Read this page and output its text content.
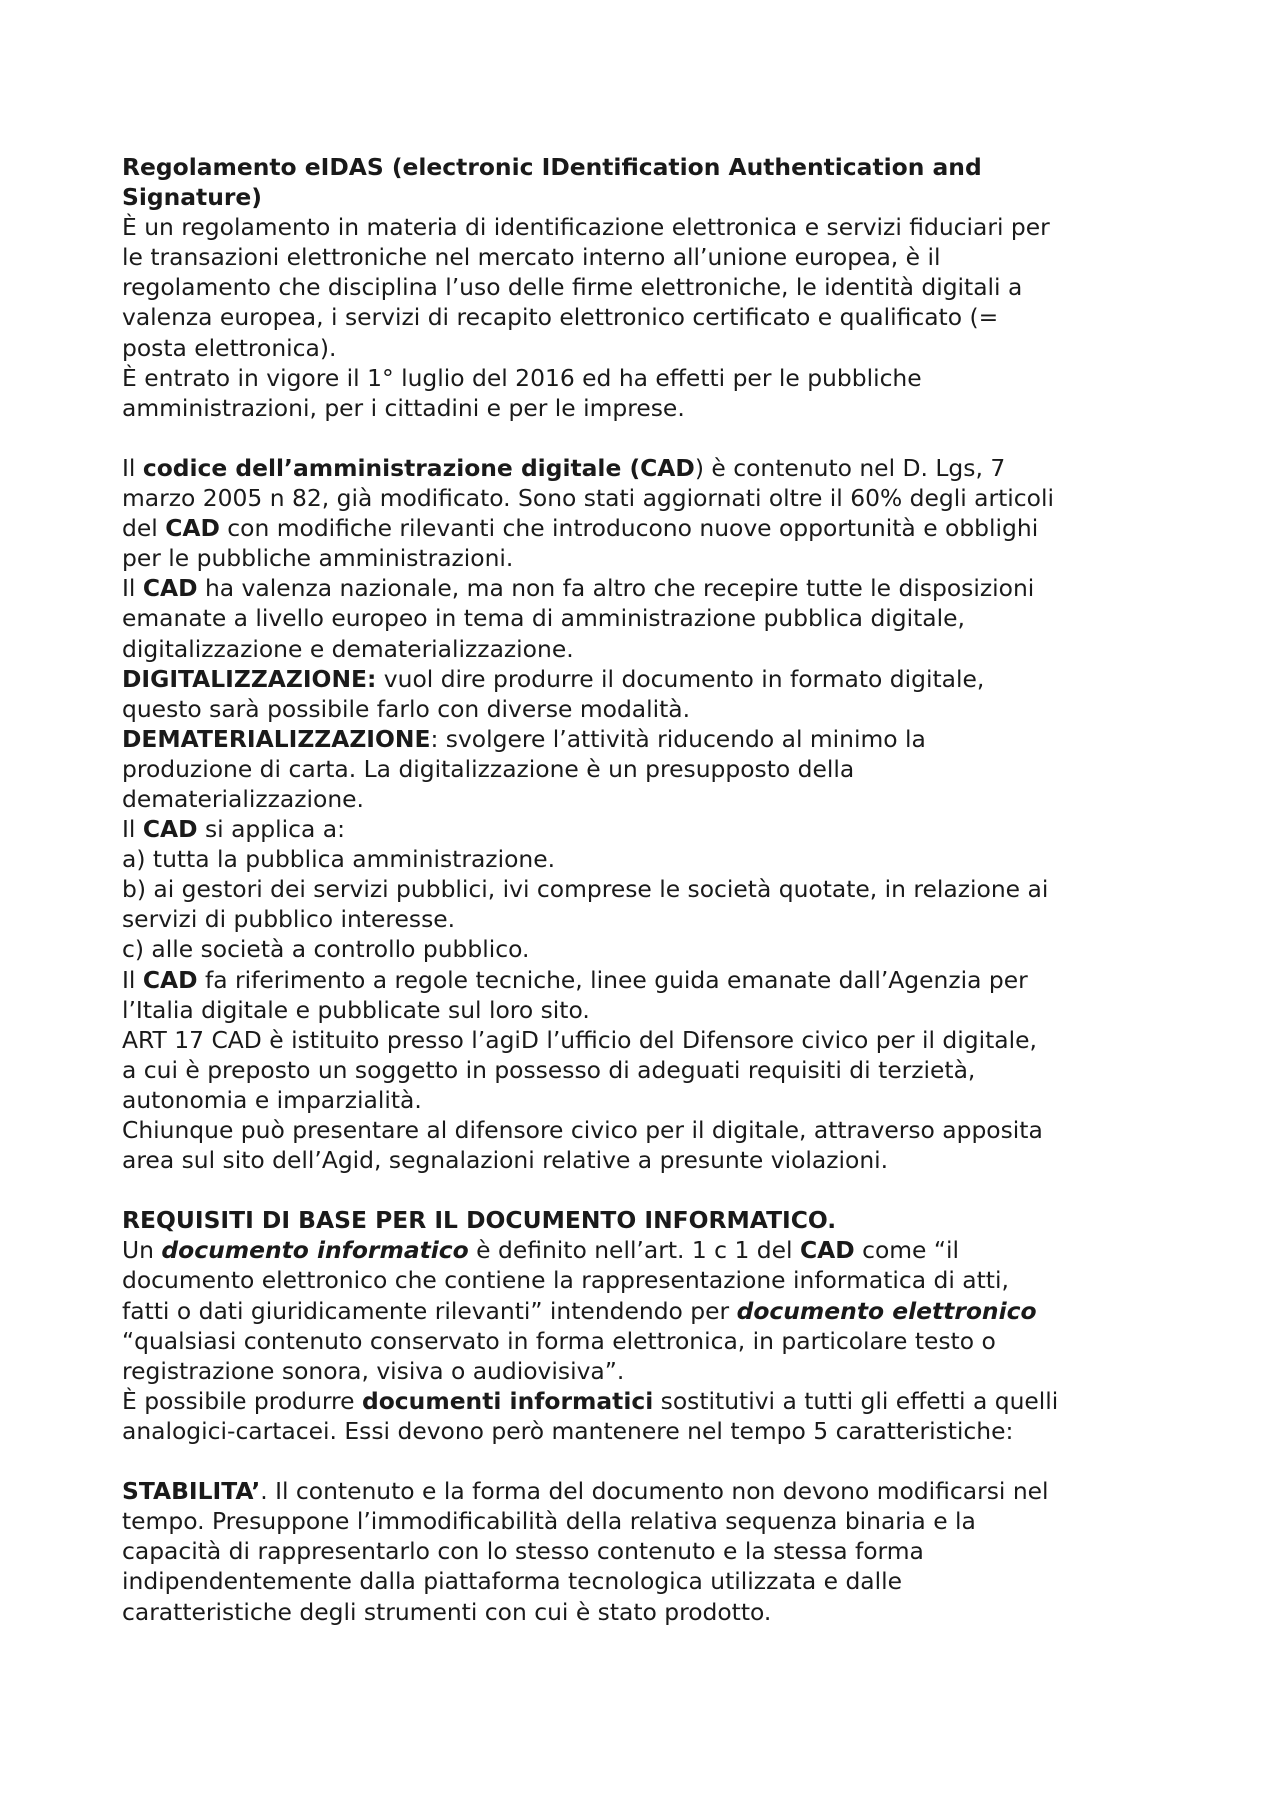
Regolamento eIDAS (electronic IDentification Authentication and
Signature)
È un regolamento in materia di identificazione elettronica e servizi fiduciari per
le transazioni elettroniche nel mercato interno all’unione europea, è il
regolamento che disciplina l’uso delle firme elettroniche, le identità digitali a
valenza europea, i servizi di recapito elettronico certificato e qualificato (=
posta elettronica).
È entrato in vigore il 1° luglio del 2016 ed ha effetti per le pubbliche
amministrazioni, per i cittadini e per le imprese.
Il codice dell’amministrazione digitale (CAD) è contenuto nel D. Lgs, 7
marzo 2005 n 82, già modificato. Sono stati aggiornati oltre il 60% degli articoli
del CAD con modifiche rilevanti che introducono nuove opportunità e obblighi
per le pubbliche amministrazioni.
Il CAD ha valenza nazionale, ma non fa altro che recepire tutte le disposizioni
emanate a livello europeo in tema di amministrazione pubblica digitale,
digitalizzazione e dematerializzazione.
DIGITALIZZAZIONE: vuol dire produrre il documento in formato digitale,
questo sarà possibile farlo con diverse modalità.
DEMATERIALIZZAZIONE: svolgere l’attività riducendo al minimo la
produzione di carta. La digitalizzazione è un presupposto della
dematerializzazione.
Il CAD si applica a:
a) tutta la pubblica amministrazione.
b) ai gestori dei servizi pubblici, ivi comprese le società quotate, in relazione ai
servizi di pubblico interesse.
c) alle società a controllo pubblico.
Il CAD fa riferimento a regole tecniche, linee guida emanate dall’Agenzia per
l’Italia digitale e pubblicate sul loro sito.
ART 17 CAD è istituito presso l’agiD l’ufficio del Difensore civico per il digitale,
a cui è preposto un soggetto in possesso di adeguati requisiti di terzietà,
autonomia e imparzialità.
Chiunque può presentare al difensore civico per il digitale, attraverso apposita
area sul sito dell’Agid, segnalazioni relative a presunte violazioni.
REQUISITI DI BASE PER IL DOCUMENTO INFORMATICO.
Un documento informatico è definito nell’art. 1 c 1 del CAD come “il
documento elettronico che contiene la rappresentazione informatica di atti,
fatti o dati giuridicamente rilevanti” intendendo per documento elettronico
“qualsiasi contenuto conservato in forma elettronica, in particolare testo o
registrazione sonora, visiva o audiovisiva”.
È possibile produrre documenti informatici sostitutivi a tutti gli effetti a quelli
analogici-cartacei. Essi devono però mantenere nel tempo 5 caratteristiche:
STABILITA’. Il contenuto e la forma del documento non devono modificarsi nel
tempo. Presuppone l’immodificabilità della relativa sequenza binaria e la
capacità di rappresentarlo con lo stesso contenuto e la stessa forma
indipendentemente dalla piattaforma tecnologica utilizzata e dalle
caratteristiche degli strumenti con cui è stato prodotto.
